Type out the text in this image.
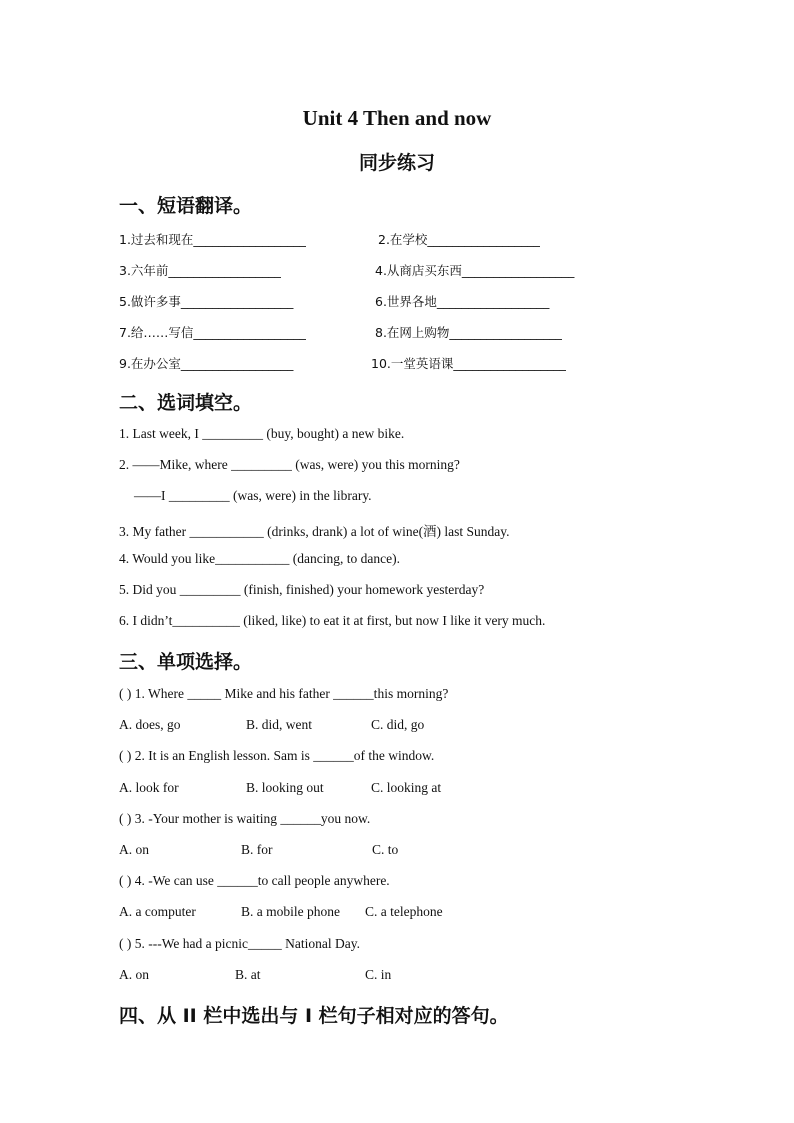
Unit 4 Then and now
同步练习
一、短语翻译。
1.过去和现在__________________	2.在学校__________________
3.六年前__________________	4.从商店买东西__________________
5.做许多事__________________	6.世界各地__________________
7.给……写信__________________	8.在网上购物__________________
9.在办公室__________________	10.一堂英语课__________________
二、选词填空。
1. Last week, I _________ (buy, bought) a new bike.
2. ——Mike, where _________ (was, were) you this morning?
——I _________ (was, were) in the library.
3. My father ___________ (drinks, drank) a lot of wine(酒) last Sunday.
4. Would you like___________ (dancing, to dance).
5. Did you _________ (finish, finished) your homework yesterday?
6. I didn’t__________ (liked, like) to eat it at first, but now I like it very much.
三、单项选择。
( ) 1. Where _____ Mike and his father ______this morning?
A. does, go	B. did, went	C. did, go
( ) 2. It is an English lesson. Sam is ______of the window.
A. look for	B. looking out	C. looking at
( ) 3. -Your mother is waiting ______you now.
A. on	B. for	C. to
( ) 4. -We can use ______to call people anywhere.
A. a computer	B. a mobile phone C. a telephone
( ) 5. ---We had a picnic_____ National Day.
A. on	B. at	C. in
四、从 II 栏中选出与 I 栏句子相对应的答句。
